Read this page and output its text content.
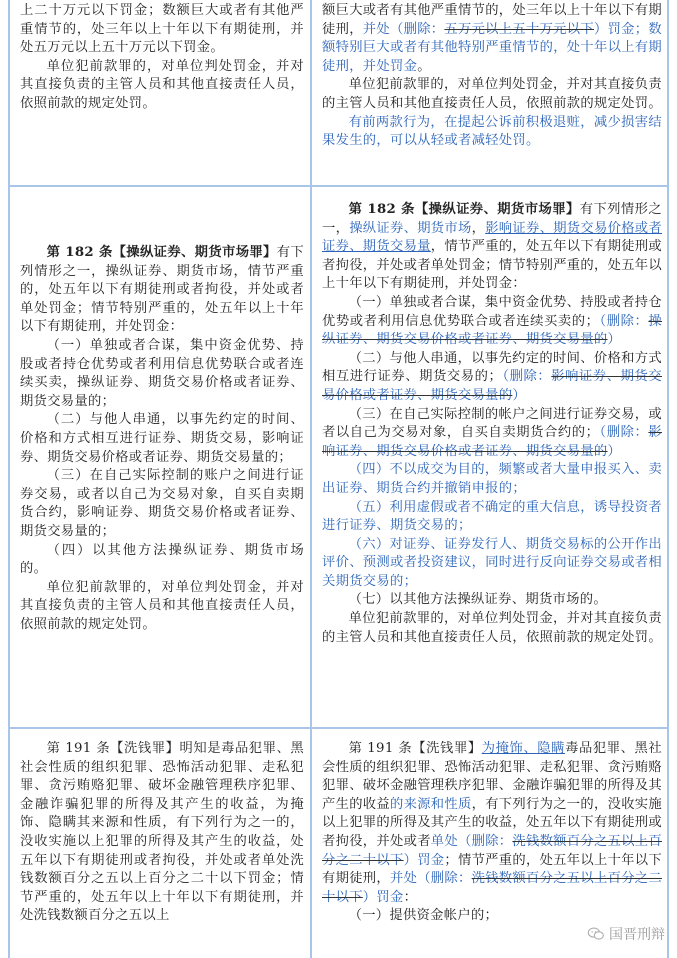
上二十万元以下罚金；数额巨大或者有其他严重情节的，处三年以上十年以下有期徒刑，并处五万元以上五十万元以下罚金。

单位犯前款罪的，对单位判处罚金，并对其直接负责的主管人员和其他直接责任人员，依照前款的规定处罚。

额巨大或者有其他严重情节的，处三年以上十年以下有期徒刑，并处（删除：五万元以上五十万元以下）罚金；数额特别巨大或者有其他特别严重情节的，处十年以上有期徒刑，并处罚金。

单位犯前款罪的，对单位判处罚金，并对其直接负责的主管人员和其他直接责任人员，依照前款的规定处罚。

有前两款行为，在提起公诉前积极退赃，减少损害结果发生的，可以从轻或者减轻处罚。

第 182 条【操纵证券、期货市场罪】有下列情形之一，操纵证券、期货市场，情节严重的，处五年以下有期徒刑或者拘役，并处或者单处罚金；情节特别严重的，处五年以上十年以下有期徒刑，并处罚金：

（一）单独或者合谋，集中资金优势、持股或者持仓优势或者利用信息优势联合或者连续买卖，操纵证券、期货交易价格或者证券、期货交易量的；

（二）与他人串通，以事先约定的时间、价格和方式相互进行证券、期货交易，影响证券、期货交易价格或者证券、期货交易量的；

（三）在自己实际控制的账户之间进行证券交易，或者以自己为交易对象，自买自卖期货合约，影响证券、期货交易价格或者证券、期货交易量的；

（四）以其他方法操纵证券、期货市场的。

单位犯前款罪的，对单位判处罚金，并对其直接负责的主管人员和其他直接责任人员，依照前款的规定处罚。

第 182 条【操纵证券、期货市场罪】有下列情形之一，操纵证券、期货市场，影响证券、期货交易价格或者证券、期货交易量，情节严重的，处五年以下有期徒刑或者拘役，并处或者单处罚金；情节特别严重的，处五年以上十年以下有期徒刑，并处罚金：

（一）单独或者合谋，集中资金优势、持股或者持仓优势或者利用信息优势联合或者连续买卖的；（删除：操纵证券、期货交易价格或者证券、期货交易量的）

（二）与他人串通，以事先约定的时间、价格和方式相互进行证券、期货交易的；（删除：影响证券、期货交易价格或者证券、期货交易量的）

（三）在自己实际控制的帐户之间进行证券交易，或者以自己为交易对象，自买自卖期货合约的；（删除：影响证券、期货交易价格或者证券、期货交易量的）

（四）不以成交为目的，频繁或者大量申报买入、卖出证券、期货合约并撤销申报的；

（五）利用虚假或者不确定的重大信息，诱导投资者进行证券、期货交易的；

（六）对证券、证券发行人、期货交易标的公开作出评价、预测或者投资建议，同时进行反向证券交易或者相关期货交易的；

（七）以其他方法操纵证券、期货市场的。

单位犯前款罪的，对单位判处罚金，并对其直接负责的主管人员和其他直接责任人员，依照前款的规定处罚。

第 191 条【洗钱罪】明知是毒品犯罪、黑社会性质的组织犯罪、恐怖活动犯罪、走私犯罪、贪污贿赂犯罪、破坏金融管理秩序犯罪、金融诈骗犯罪的所得及其产生的收益，为掩饰、隐瞒其来源和性质，有下列行为之一的，没收实施以上犯罪的所得及其产生的收益，处五年以下有期徒刑或者拘役，并处或者单处洗钱数额百分之五以上百分之二十以下罚金；情节严重的，处五年以上十年以下有期徒刑，并处洗钱数额百分之五以上

第 191 条【洗钱罪】为掩饰、隐瞒毒品犯罪、黑社会性质的组织犯罪、恐怖活动犯罪、走私犯罪、贪污贿赂犯罪、破坏金融管理秩序犯罪、金融诈骗犯罪的所得及其产生的收益的来源和性质，有下列行为之一的，没收实施以上犯罪的所得及其产生的收益，处五年以下有期徒刑或者拘役，并处或者单处（删除：洗钱数额百分之五以上百分之二十以下）罚金；情节严重的，处五年以上十年以下有期徒刑，并处（删除：洗钱数额百分之五以上百分之二十以下）罚金：

（一）提供资金帐户的；

国晋刑辩
